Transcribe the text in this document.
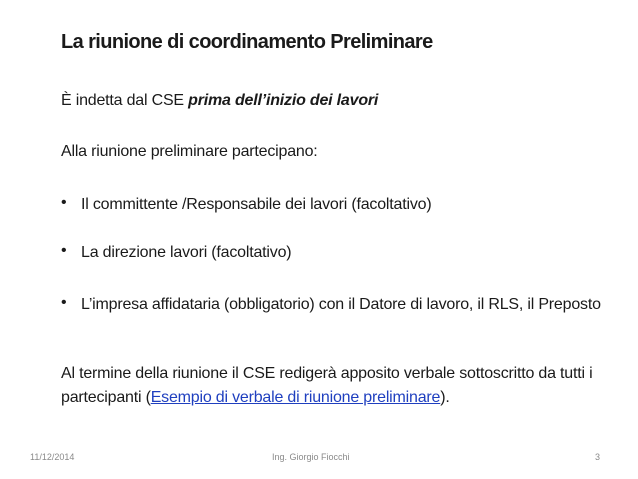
La riunione di coordinamento Preliminare
È indetta dal CSE prima dell’inizio dei lavori
Alla riunione preliminare partecipano:
• Il committente /Responsabile dei lavori (facoltativo)
• La direzione lavori (facoltativo)
• L’impresa affidataria (obbligatorio) con il Datore di lavoro, il RLS, il Preposto
Al termine della riunione il CSE redigerà apposito verbale sottoscritto da tutti i partecipanti (Esempio di verbale di riunione preliminare).
11/12/2014	Ing. Giorgio Fiocchi	3
